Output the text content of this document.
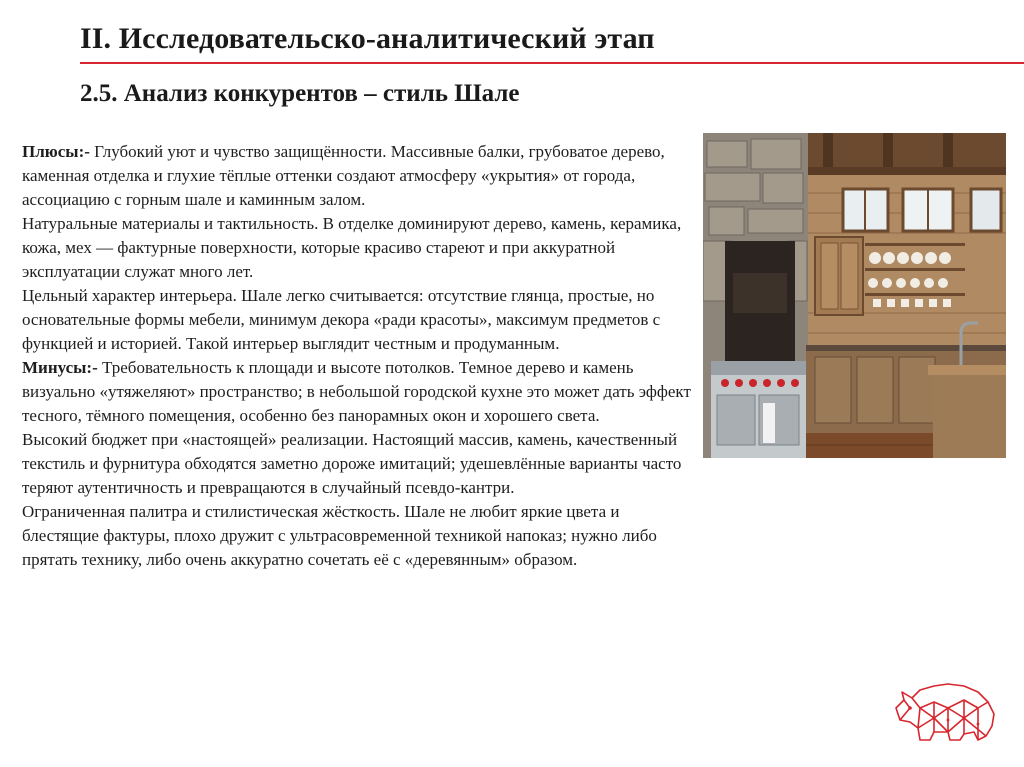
II. Исследовательско-аналитический этап
2.5. Анализ конкурентов – стиль Шале

Плюсы:- Глубокий уют и чувство защищённости. Массивные балки, грубоватое дерево, каменная отделка и глухие тёплые оттенки создают атмосферу «укрытия» от города, ассоциацию с горным шале и каминным залом.

Натуральные материалы и тактильность. В отделке доминируют дерево, камень, керамика, кожа, мех — фактурные поверхности, которые красиво стареют и при аккуратной эксплуатации служат много лет.

Цельный характер интерьера. Шале легко считывается: отсутствие глянца, простые, но основательные формы мебели, минимум декора «ради красоты», максимум предметов с функцией и историей. Такой интерьер выглядит честным и продуманным.

Минусы:- Требовательность к площади и высоте потолков. Темное дерево и камень визуально «утяжеляют» пространство; в небольшой городской кухне это может дать эффект тесного, тёмного помещения, особенно без панорамных окон и хорошего света.

Высокий бюджет при «настоящей» реализации. Настоящий массив, камень, качественный текстиль и фурнитура обходятся заметно дороже имитаций; удешевлённые варианты часто теряют аутентичность и превращаются в случайный псевдо-кантри.

Ограниченная палитра и стилистическая жёсткость. Шале не любит яркие цвета и блестящие фактуры, плохо дружит с ультрасовременной техникой напоказ; нужно либо прятать технику, либо очень аккуратно сочетать её с «деревянным» образом.
